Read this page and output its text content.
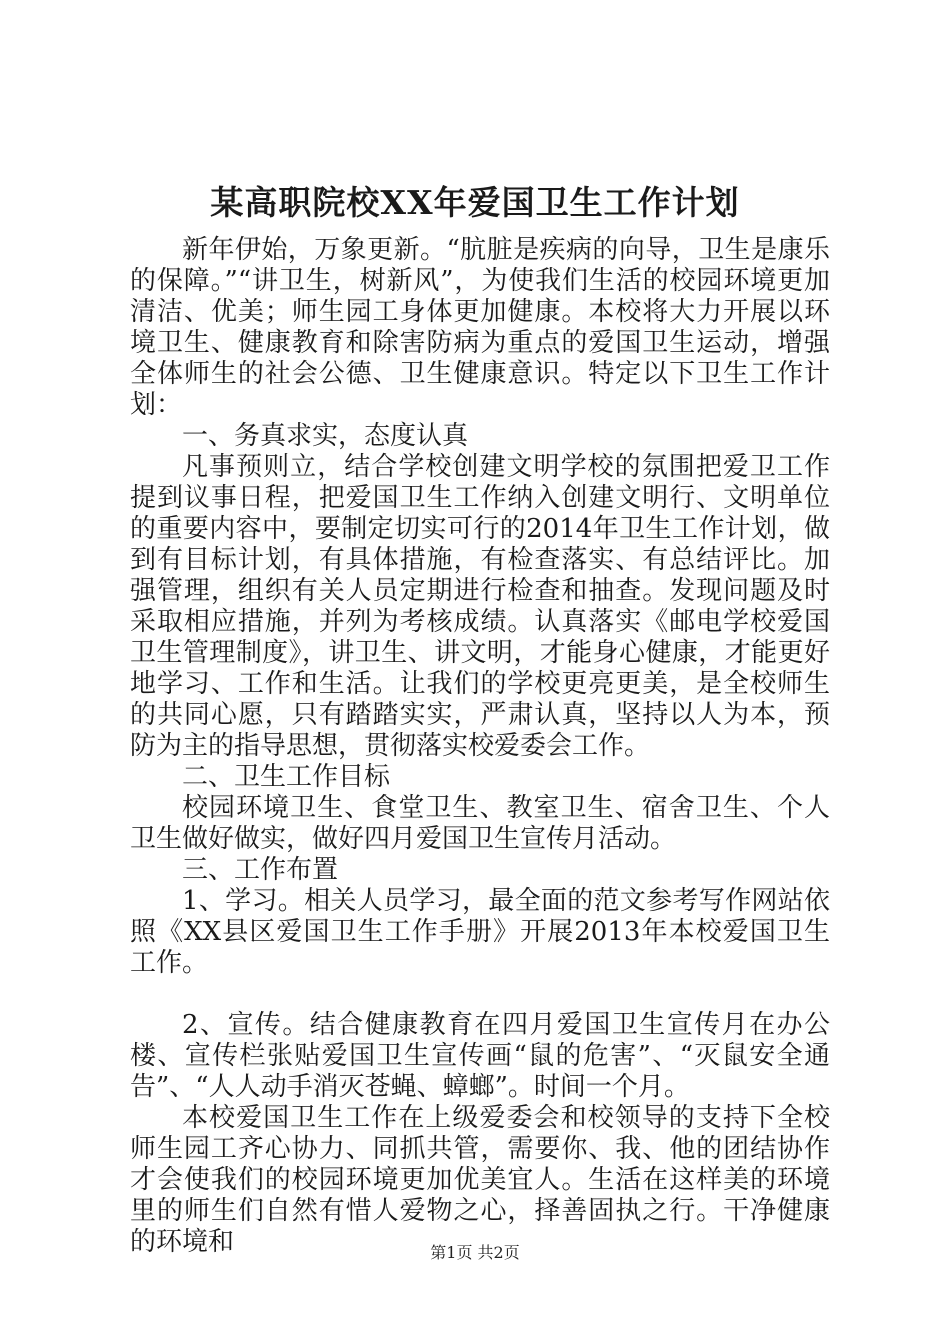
某高职院校XX年爱国卫生工作计划

新年伊始，万象更新。“肮脏是疾病的向导，卫生是康乐的保障。”“讲卫生，树新风”，为使我们生活的校园环境更加清洁、优美；师生园工身体更加健康。本校将大力开展以环境卫生、健康教育和除害防病为重点的爱国卫生运动，增强全体师生的社会公德、卫生健康意识。特定以下卫生工作计划：

一、务真求实，态度认真

凡事预则立，结合学校创建文明学校的氛围把爱卫工作提到议事日程，把爱国卫生工作纳入创建文明行、文明单位的重要内容中，要制定切实可行的2014年卫生工作计划，做到有目标计划，有具体措施，有检查落实、有总结评比。加强管理，组织有关人员定期进行检查和抽查。发现问题及时采取相应措施，并列为考核成绩。认真落实《邮电学校爱国卫生管理制度》，讲卫生、讲文明，才能身心健康，才能更好地学习、工作和生活。让我们的学校更亮更美，是全校师生的共同心愿，只有踏踏实实，严肃认真，坚持以人为本，预防为主的指导思想，贯彻落实校爱委会工作。

二、卫生工作目标

校园环境卫生、食堂卫生、教室卫生、宿舍卫生、个人卫生做好做实，做好四月爱国卫生宣传月活动。

三、工作布置

1、学习。相关人员学习，最全面的范文参考写作网站依照《XX县区爱国卫生工作手册》开展2013年本校爱国卫生工作。

2、宣传。结合健康教育在四月爱国卫生宣传月在办公楼、宣传栏张贴爱国卫生宣传画“鼠的危害”、“灭鼠安全通告”、“人人动手消灭苍蝇、蟑螂”。时间一个月。

本校爱国卫生工作在上级爱委会和校领导的支持下全校师生园工齐心协力、同抓共管，需要你、我、他的团结协作才会使我们的校园环境更加优美宜人。生活在这样美的环境里的师生们自然有惜人爱物之心，择善固执之行。干净健康的环境和	第1页 共2页
